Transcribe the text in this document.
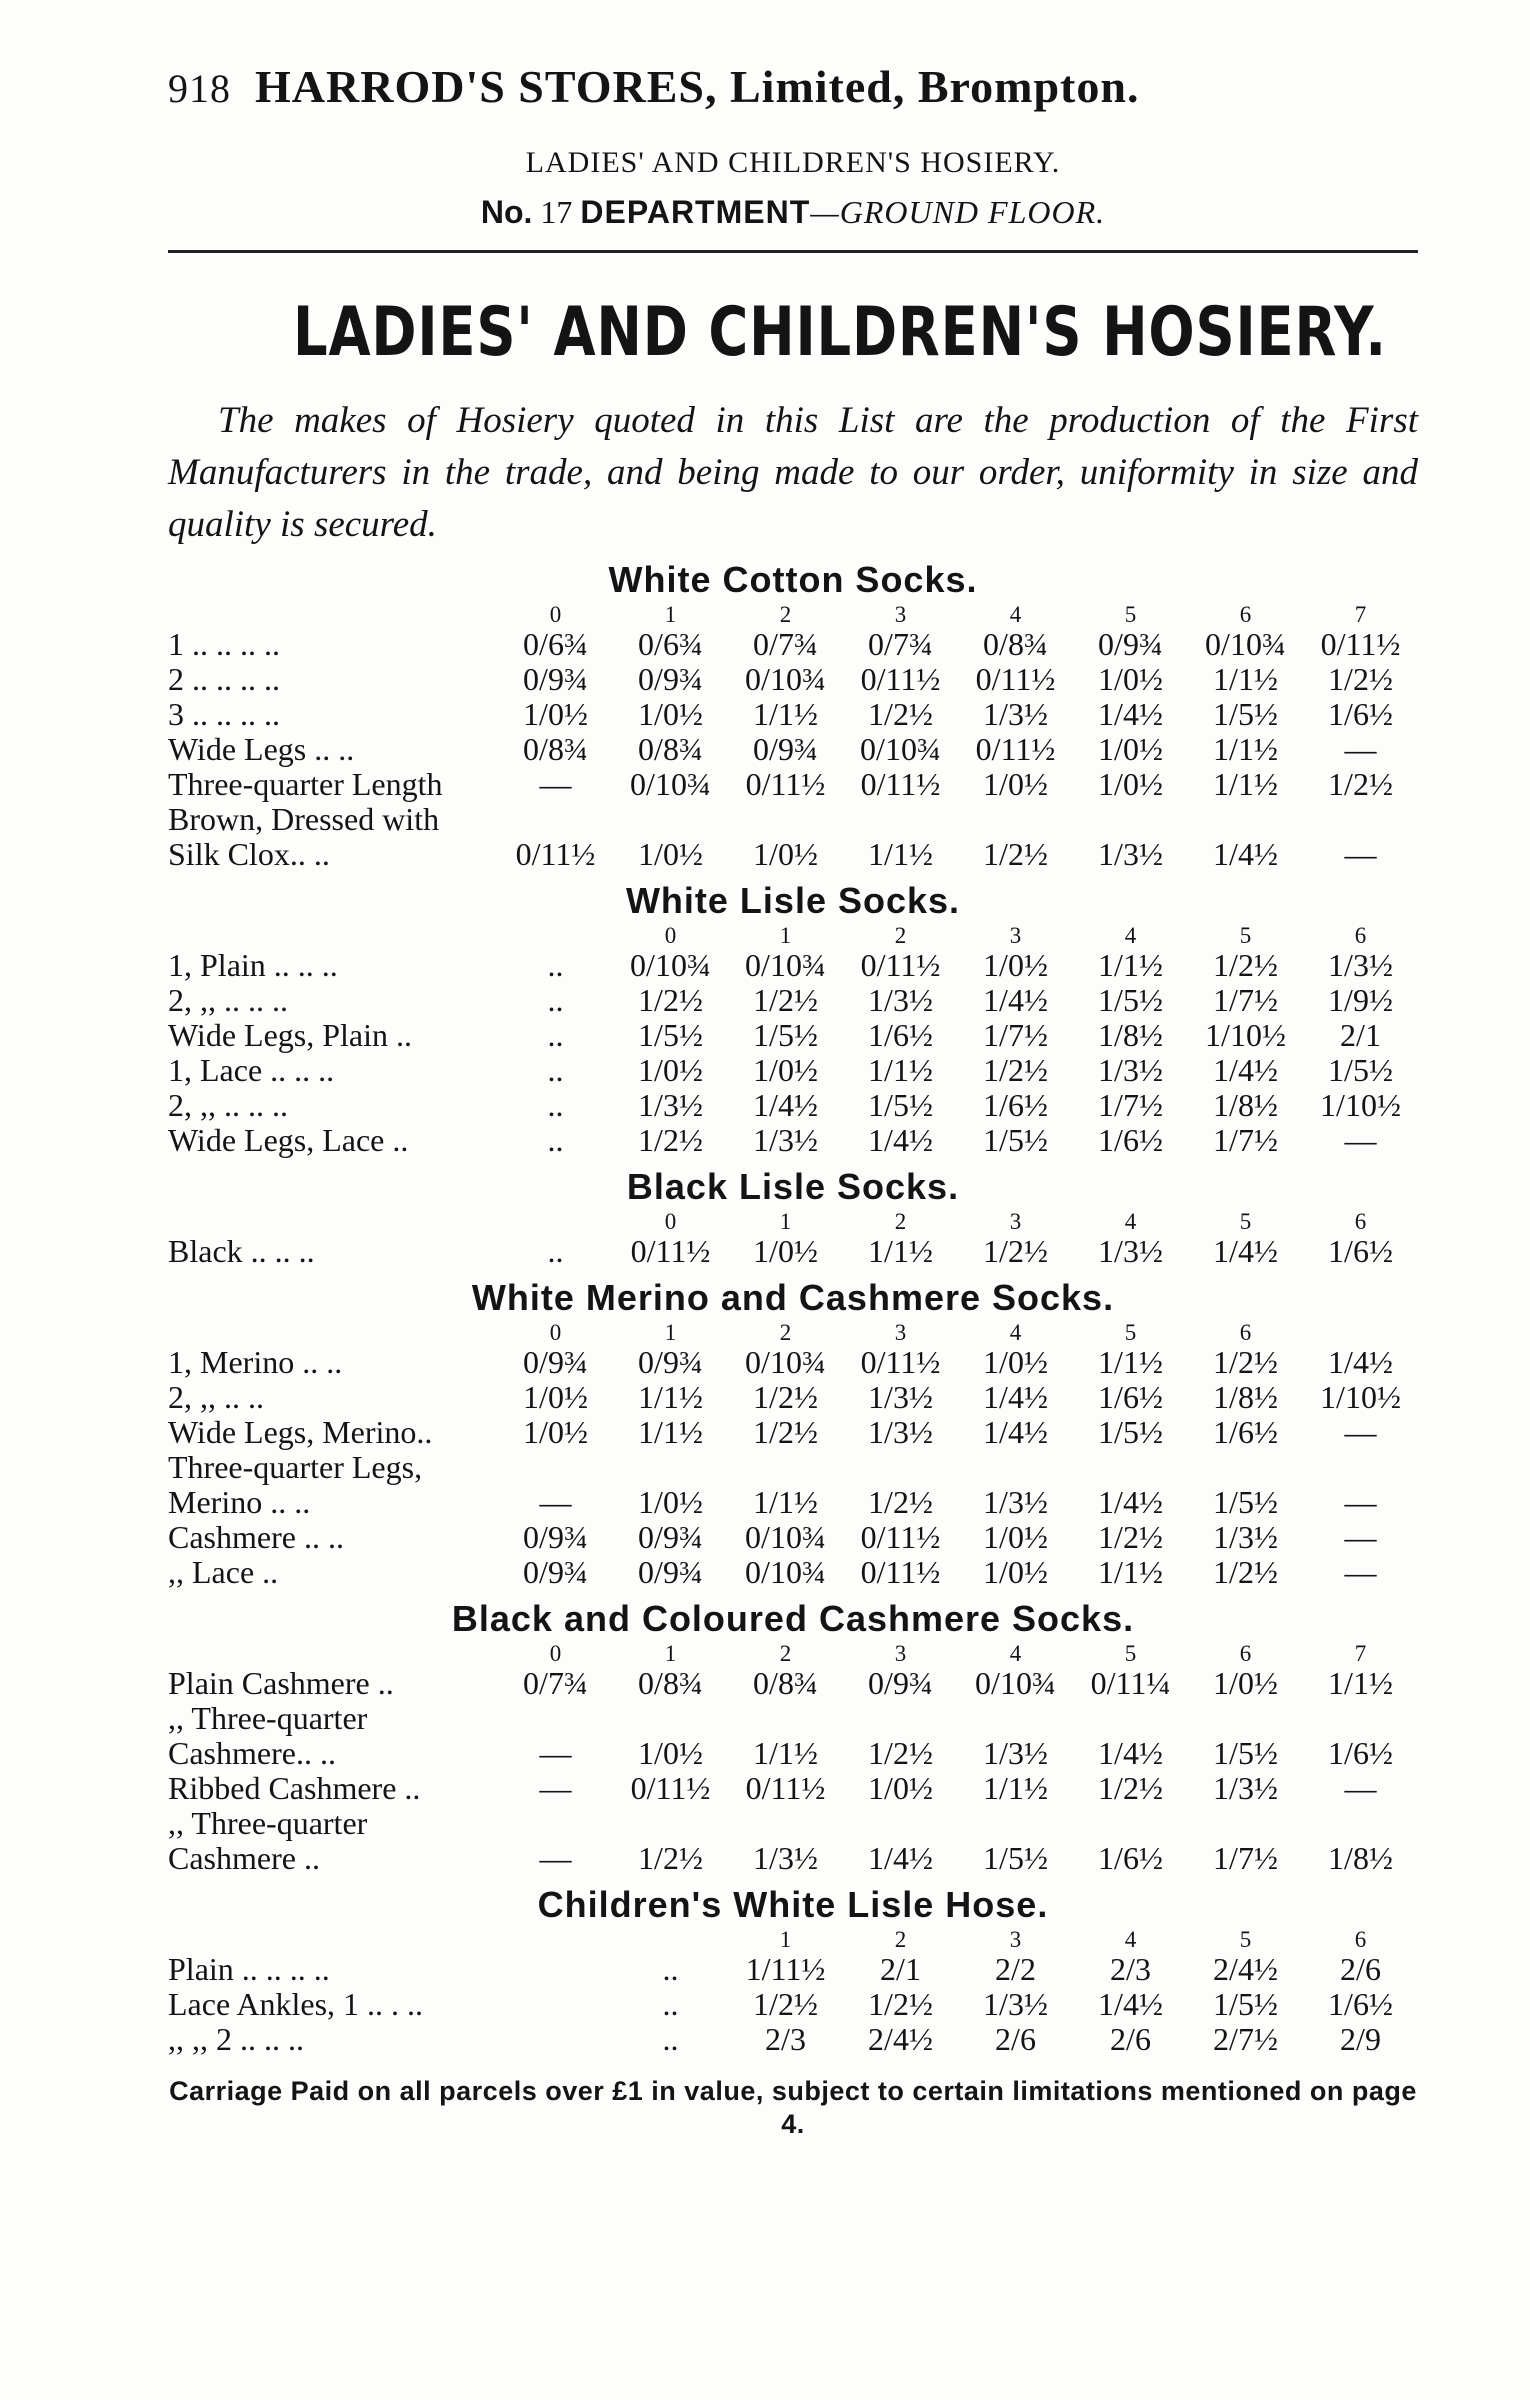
918 HARROD'S STORES, Limited, Brompton.
LADIES' AND CHILDREN'S HOSIERY.
No. 17 DEPARTMENT—GROUND FLOOR.
LADIES' AND CHILDREN'S HOSIERY.
The makes of Hosiery quoted in this List are the production of the First Manufacturers in the trade, and being made to our order, uniformity in size and quality is secured.
White Cotton Socks.
	0	1	2	3	4	5	6	7
1 .. .. .. ..	0/6¾	0/6¾	0/7¾	0/7¾	0/8¾	0/9¾	0/10¾	0/11½
2 .. .. .. ..	0/9¾	0/9¾	0/10¾	0/11½	0/11½	1/0½	1/1½	1/2½
3 .. .. .. ..	1/0½	1/0½	1/1½	1/2½	1/3½	1/4½	1/5½	1/6½
Wide Legs .. ..	0/8¾	0/8¾	0/9¾	0/10¾	0/11½	1/0½	1/1½	—
Three-quarter Length	—	0/10¾	0/11½	0/11½	1/0½	1/0½	1/1½	1/2½
Brown, Dressed with								
Silk Clox.. ..	0/11½	1/0½	1/0½	1/1½	1/2½	1/3½	1/4½	—
White Lisle Socks.
		0	1	2	3	4	5	6
1, Plain .. .. ..	..	0/10¾	0/10¾	0/11½	1/0½	1/1½	1/2½	1/3½
2, ,, .. .. ..	..	1/2½	1/2½	1/3½	1/4½	1/5½	1/7½	1/9½
Wide Legs, Plain ..	..	1/5½	1/5½	1/6½	1/7½	1/8½	1/10½	2/1
1, Lace .. .. ..	..	1/0½	1/0½	1/1½	1/2½	1/3½	1/4½	1/5½
2, ,, .. .. ..	..	1/3½	1/4½	1/5½	1/6½	1/7½	1/8½	1/10½
Wide Legs, Lace ..	..	1/2½	1/3½	1/4½	1/5½	1/6½	1/7½	—
Black Lisle Socks.
		0	1	2	3	4	5	6
Black .. .. ..	..	0/11½	1/0½	1/1½	1/2½	1/3½	1/4½	1/6½
White Merino and Cashmere Socks.
	0	1	2	3	4	5	6	
1, Merino .. ..	0/9¾	0/9¾	0/10¾	0/11½	1/0½	1/1½	1/2½	1/4½
2, ,, .. ..	1/0½	1/1½	1/2½	1/3½	1/4½	1/6½	1/8½	1/10½
Wide Legs, Merino..	1/0½	1/1½	1/2½	1/3½	1/4½	1/5½	1/6½	—
Three-quarter Legs,								
Merino .. ..	—	1/0½	1/1½	1/2½	1/3½	1/4½	1/5½	—
Cashmere .. ..	0/9¾	0/9¾	0/10¾	0/11½	1/0½	1/2½	1/3½	—
,, Lace ..	0/9¾	0/9¾	0/10¾	0/11½	1/0½	1/1½	1/2½	—
Black and Coloured Cashmere Socks.
	0	1	2	3	4	5	6	7
Plain Cashmere ..	0/7¾	0/8¾	0/8¾	0/9¾	0/10¾	0/11¼	1/0½	1/1½
,, Three-quarter								
Cashmere.. ..	—	1/0½	1/1½	1/2½	1/3½	1/4½	1/5½	1/6½
Ribbed Cashmere ..	—	0/11½	0/11½	1/0½	1/1½	1/2½	1/3½	—
,, Three-quarter								
Cashmere ..	—	1/2½	1/3½	1/4½	1/5½	1/6½	1/7½	1/8½
Children's White Lisle Hose.
			1	2	3	4	5	6
Plain .. .. .. ..		..	1/11½	2/1	2/2	2/3	2/4½	2/6
Lace Ankles, 1 .. . ..		..	1/2½	1/2½	1/3½	1/4½	1/5½	1/6½
,, ,, 2 .. .. ..		..	2/3	2/4½	2/6	2/6	2/7½	2/9
Carriage Paid on all parcels over £1 in value, subject to certain limitations mentioned on page 4.
